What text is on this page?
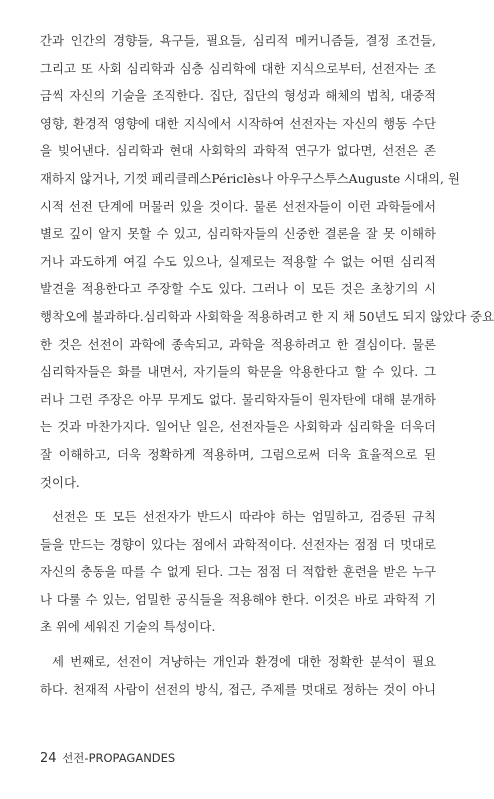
간과 인간의 경향들, 욕구들, 필요들, 심리적 메커니즘들, 결정 조건들,
그리고 또 사회 심리학과 심층 심리학에 대한 지식으로부터, 선전자는 조
금씩 자신의 기술을 조직한다. 집단, 집단의 형성과 해체의 법칙, 대중적
영향, 환경적 영향에 대한 지식에서 시작하여 선전자는 자신의 행동 수단
을 빚어낸다. 심리학과 현대 사회학의 과학적 연구가 없다면, 선전은 존
재하지 않거나, 기껏 페리클레스Périclès나 아우구스투스Auguste 시대의, 원
시적 선전 단계에 머물러 있을 것이다. 물론 선전자들이 이런 과학들에서
별로 깊이 알지 못할 수 있고, 심리학자들의 신중한 결론을 잘 못 이해하
거나 과도하게 여길 수도 있으나, 실제로는 적용할 수 없는 어떤 심리적
발견을 적용한다고 주장할 수도 있다. 그러나 이 모든 것은 초창기의 시
행착오에 불과하다.심리학과 사회학을 적용하려고 한 지 채 50년도 되지 않았다 중요
한 것은 선전이 과학에 종속되고, 과학을 적용하려고 한 결심이다. 물론
심리학자들은 화를 내면서, 자기들의 학문을 악용한다고 할 수 있다. 그
러나 그런 주장은 아무 무게도 없다. 물리학자들이 원자탄에 대해 분개하
는 것과 마찬가지다. 일어난 일은, 선전자들은 사회학과 심리학을 더욱더
잘 이해하고, 더욱 정확하게 적용하며, 그럼으로써 더욱 효율적으로 된
것이다.
선전은 또 모든 선전자가 반드시 따라야 하는 엄밀하고, 검증된 규칙
들을 만드는 경향이 있다는 점에서 과학적이다. 선전자는 점점 더 멋대로
자신의 충동을 따를 수 없게 된다. 그는 점점 더 적합한 훈련을 받은 누구
나 다룰 수 있는, 엄밀한 공식들을 적용해야 한다. 이것은 바로 과학적 기
초 위에 세워진 기술의 특성이다.
세 번째로, 선전이 겨냥하는 개인과 환경에 대한 정확한 분석이 필요
하다. 천재적 사람이 선전의 방식, 접근, 주제를 멋대로 정하는 것이 아니
24 선전-PROPAGANDES
